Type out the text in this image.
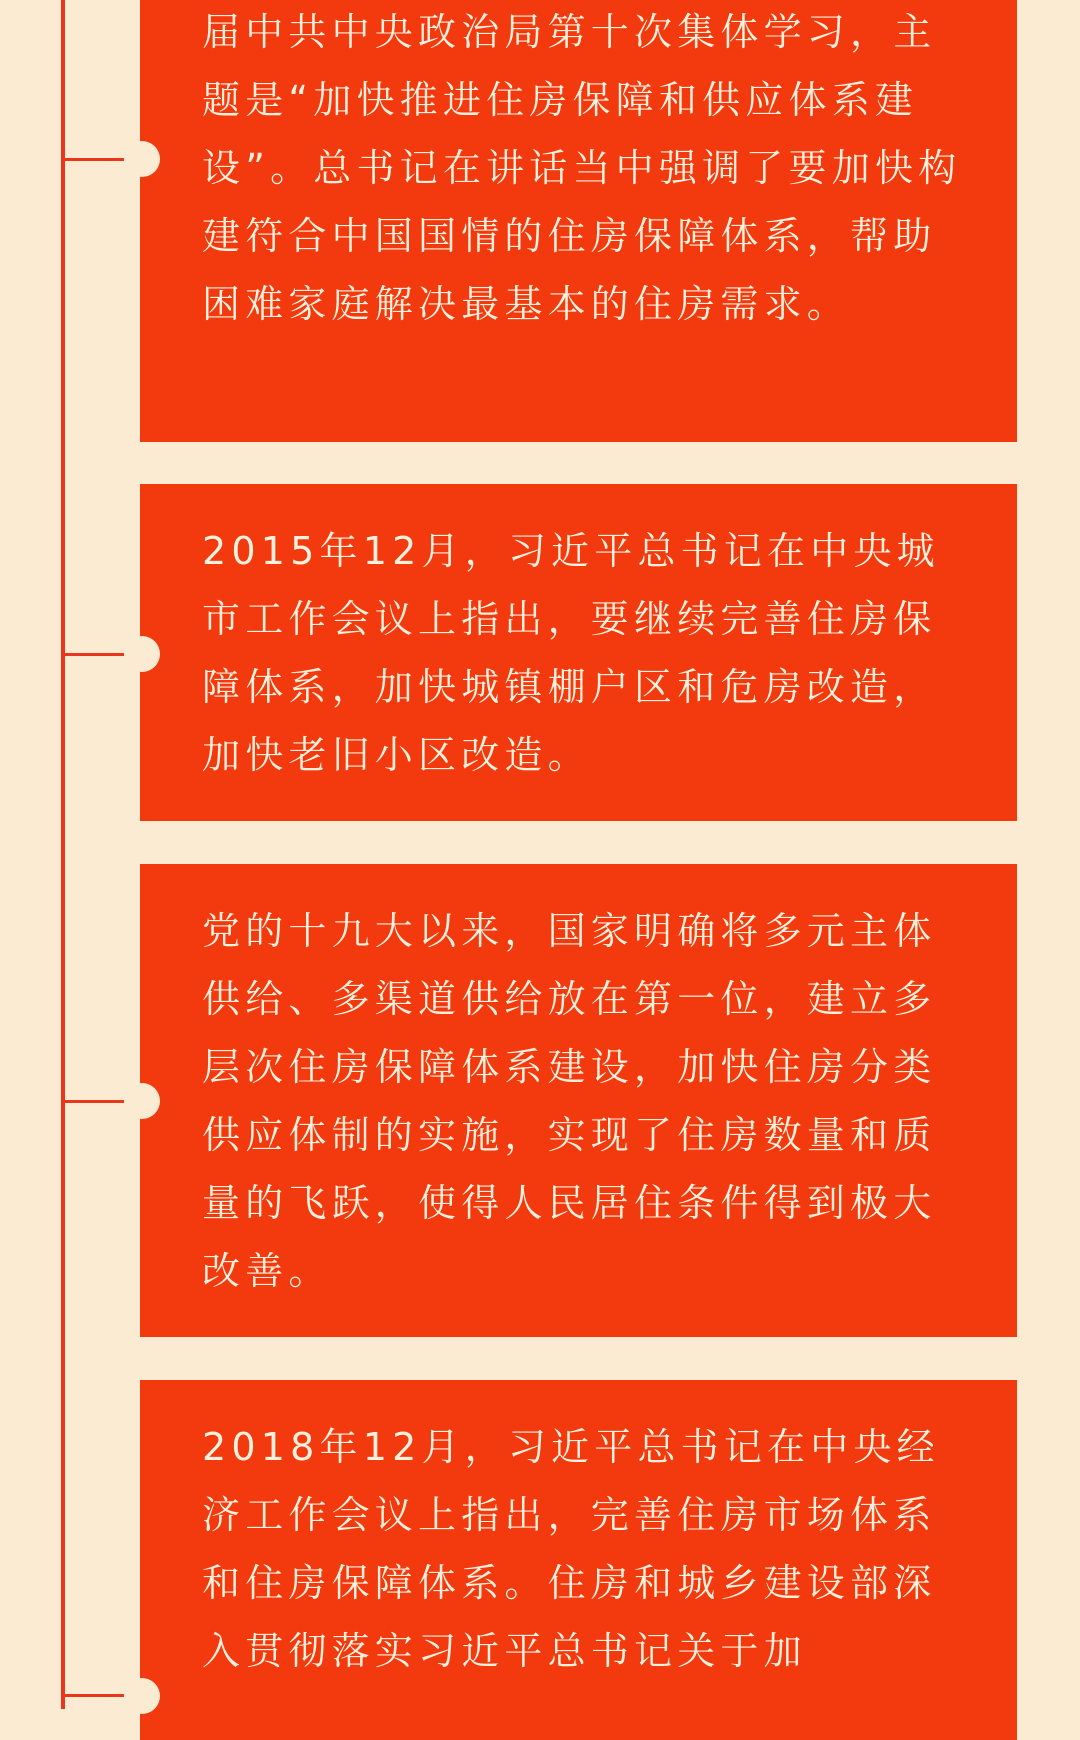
届中共中央政治局第十次集体学习，主题是“加快推进住房保障和供应体系建设”。总书记在讲话当中强调了要加快构建符合中国国情的住房保障体系，帮助困难家庭解决最基本的住房需求。

2015年12月，习近平总书记在中央城市工作会议上指出，要继续完善住房保障体系，加快城镇棚户区和危房改造，加快老旧小区改造。

党的十九大以来，国家明确将多元主体供给、多渠道供给放在第一位，建立多层次住房保障体系建设，加快住房分类供应体制的实施，实现了住房数量和质量的飞跃，使得人民居住条件得到极大改善。

2018年12月，习近平总书记在中央经济工作会议上指出，完善住房市场体系和住房保障体系。住房和城乡建设部深入贯彻落实习近平总书记关于加
